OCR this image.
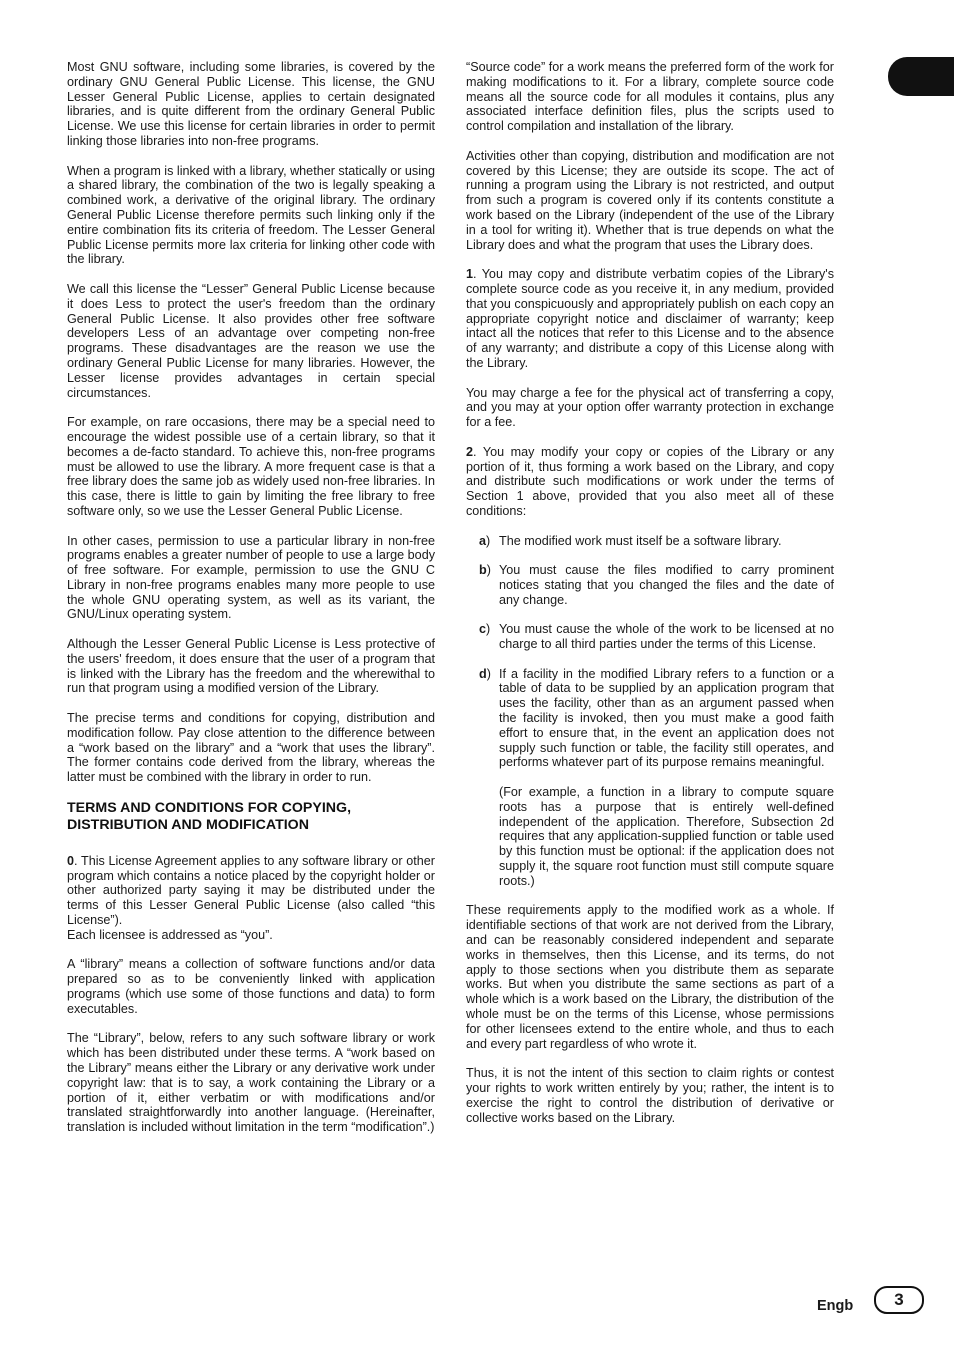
Most GNU software, including some libraries, is covered by the ordinary GNU General Public License. This license, the GNU Lesser General Public License, applies to certain designated libraries, and is quite different from the ordinary General Public License. We use this license for certain libraries in order to permit linking those libraries into non-free programs.

When a program is linked with a library, whether statically or using a shared library, the combination of the two is legally speaking a combined work, a derivative of the original library. The ordinary General Public License therefore permits such linking only if the entire combination fits its criteria of freedom. The Lesser General Public License permits more lax criteria for linking other code with the library.

We call this license the “Lesser” General Public License because it does Less to protect the user's freedom than the ordinary General Public License. It also provides other free software developers Less of an advantage over competing non-free programs. These disadvantages are the reason we use the ordinary General Public License for many libraries. However, the Lesser license provides advantages in certain special circumstances.

For example, on rare occasions, there may be a special need to encourage the widest possible use of a certain library, so that it becomes a de-facto standard. To achieve this, non-free programs must be allowed to use the library. A more frequent case is that a free library does the same job as widely used non-free libraries. In this case, there is little to gain by limiting the free library to free software only, so we use the Lesser General Public License.

In other cases, permission to use a particular library in non-free programs enables a greater number of people to use a large body of free software. For example, permission to use the GNU C Library in non-free programs enables many more people to use the whole GNU operating system, as well as its variant, the GNU/Linux operating system.

Although the Lesser General Public License is Less protective of the users' freedom, it does ensure that the user of a program that is linked with the Library has the freedom and the wherewithal to run that program using a modified version of the Library.

The precise terms and conditions for copying, distribution and modification follow. Pay close attention to the difference between a “work based on the library” and a “work that uses the library”. The former contains code derived from the library, whereas the latter must be combined with the library in order to run.

TERMS AND CONDITIONS FOR COPYING,
DISTRIBUTION AND MODIFICATION

0. This License Agreement applies to any software library or other program which contains a notice placed by the copyright holder or other authorized party saying it may be distributed under the terms of this Lesser General Public License (also called “this License”).

Each licensee is addressed as “you”.

A “library” means a collection of software functions and/or data prepared so as to be conveniently linked with application programs (which use some of those functions and data) to form executables.

The “Library”, below, refers to any such software library or work which has been distributed under these terms. A “work based on the Library” means either the Library or any derivative work under copyright law: that is to say, a work containing the Library or a portion of it, either verbatim or with modifications and/or translated straightforwardly into another language. (Hereinafter, translation is included without limitation in the term “modification”.)

“Source code” for a work means the preferred form of the work for making modifications to it. For a library, complete source code means all the source code for all modules it contains, plus any associated interface definition files, plus the scripts used to control compilation and installation of the library.

Activities other than copying, distribution and modification are not covered by this License; they are outside its scope. The act of running a program using the Library is not restricted, and output from such a program is covered only if its contents constitute a work based on the Library (independent of the use of the Library in a tool for writing it). Whether that is true depends on what the Library does and what the program that uses the Library does.

1. You may copy and distribute verbatim copies of the Library's complete source code as you receive it, in any medium, provided that you conspicuously and appropriately publish on each copy an appropriate copyright notice and disclaimer of warranty; keep intact all the notices that refer to this License and to the absence of any warranty; and distribute a copy of this License along with the Library.

You may charge a fee for the physical act of transferring a copy, and you may at your option offer warranty protection in exchange for a fee.

2. You may modify your copy or copies of the Library or any portion of it, thus forming a work based on the Library, and copy and distribute such modifications or work under the terms of Section 1 above, provided that you also meet all of these conditions:

a) The modified work must itself be a software library.
b) You must cause the files modified to carry prominent notices stating that you changed the files and the date of any change.
c) You must cause the whole of the work to be licensed at no charge to all third parties under the terms of this License.
d) If a facility in the modified Library refers to a function or a table of data to be supplied by an application program that uses the facility, other than as an argument passed when the facility is invoked, then you must make a good faith effort to ensure that, in the event an application does not supply such function or table, the facility still operates, and performs whatever part of its purpose remains meaningful.

(For example, a function in a library to compute square roots has a purpose that is entirely well-defined independent of the application. Therefore, Subsection 2d requires that any application-supplied function or table used by this function must be optional: if the application does not supply it, the square root function must still compute square roots.)

These requirements apply to the modified work as a whole. If identifiable sections of that work are not derived from the Library, and can be reasonably considered independent and separate works in themselves, then this License, and its terms, do not apply to those sections when you distribute them as separate works. But when you distribute the same sections as part of a whole which is a work based on the Library, the distribution of the whole must be on the terms of this License, whose permissions for other licensees extend to the entire whole, and thus to each and every part regardless of who wrote it.

Thus, it is not the intent of this section to claim rights or contest your rights to work written entirely by you; rather, the intent is to exercise the right to control the distribution of derivative or collective works based on the Library.

Engb	3
